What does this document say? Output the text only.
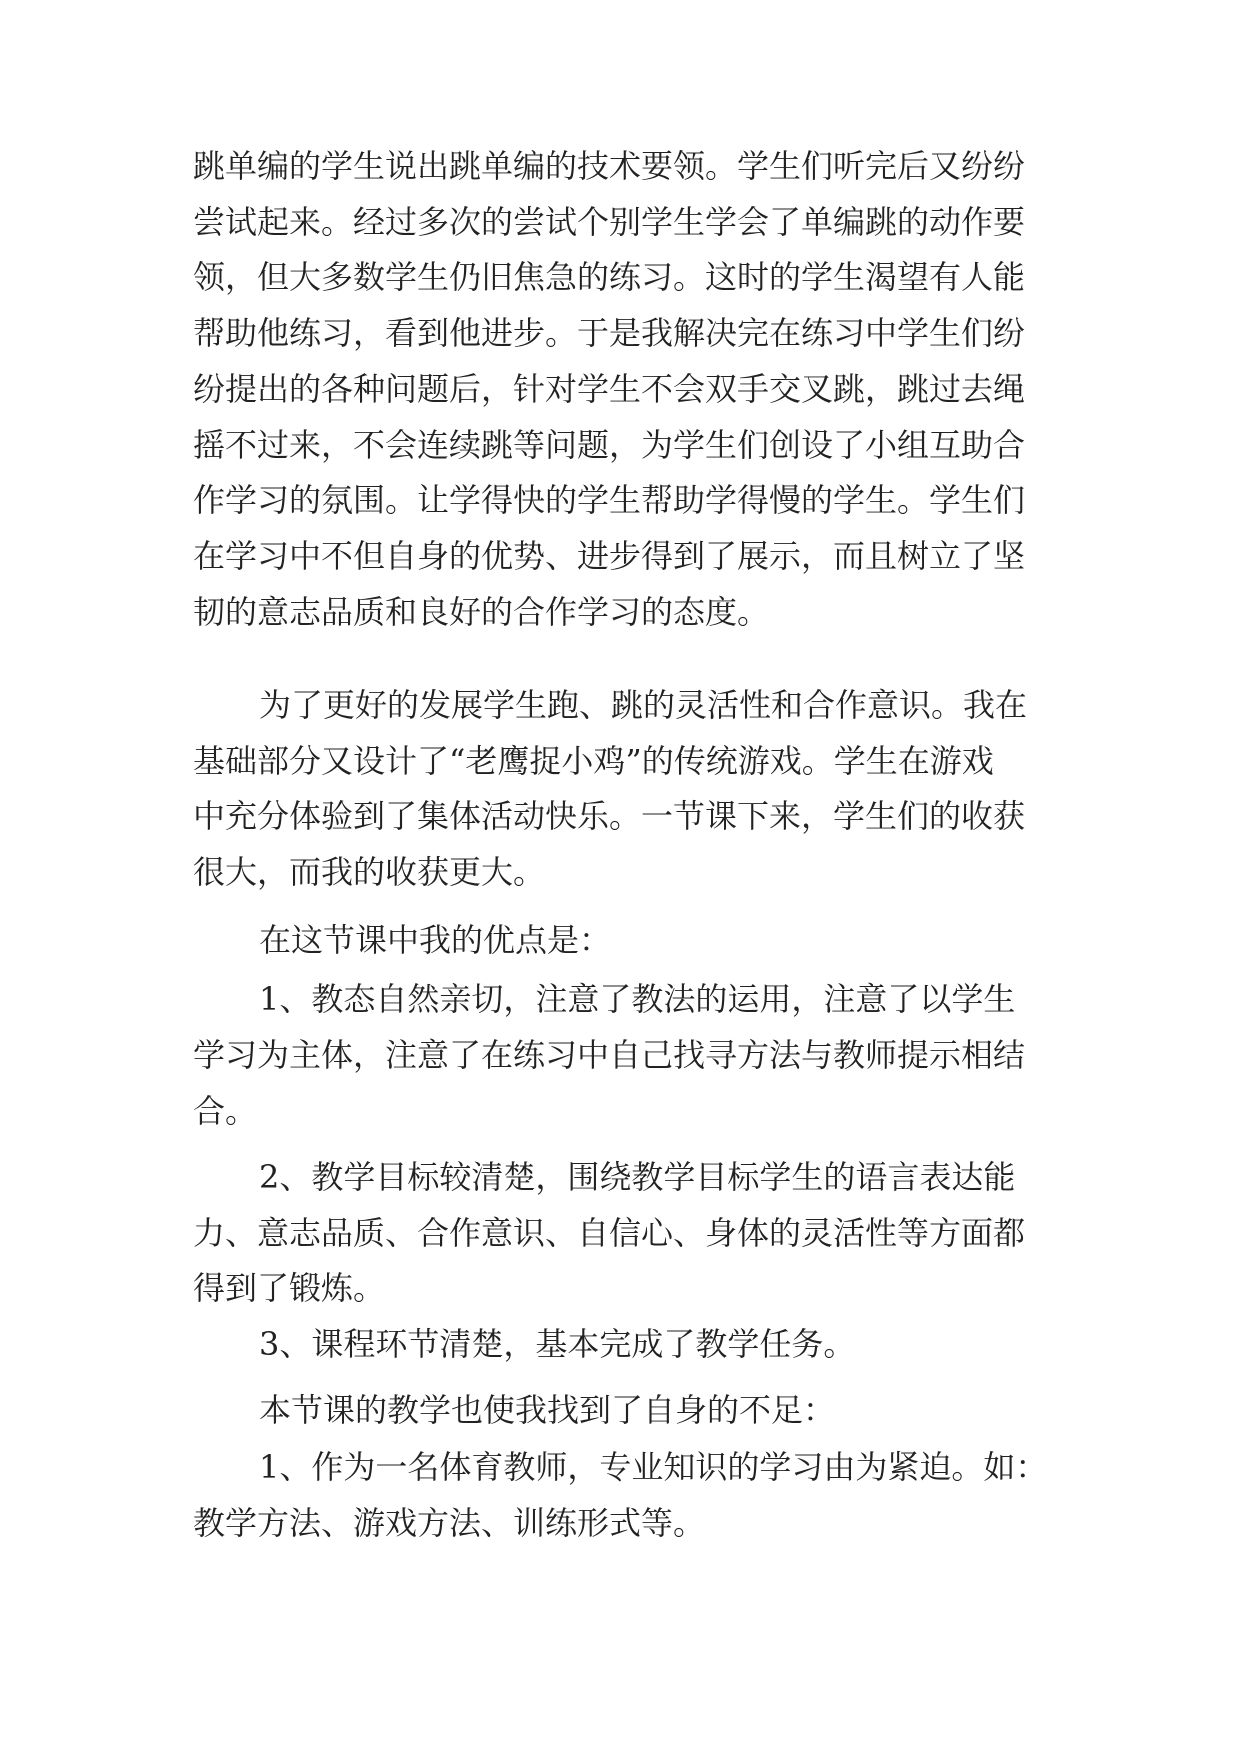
跳单编的学生说出跳单编的技术要领。学生们听完后又纷纷
尝试起来。经过多次的尝试个别学生学会了单编跳的动作要
领，但大多数学生仍旧焦急的练习。这时的学生渴望有人能
帮助他练习，看到他进步。于是我解决完在练习中学生们纷
纷提出的各种问题后，针对学生不会双手交叉跳，跳过去绳
摇不过来，不会连续跳等问题，为学生们创设了小组互助合
作学习的氛围。让学得快的学生帮助学得慢的学生。学生们
在学习中不但自身的优势、进步得到了展示，而且树立了坚
韧的意志品质和良好的合作学习的态度。
为了更好的发展学生跑、跳的灵活性和合作意识。我在
基础部分又设计了“老鹰捉小鸡”的传统游戏。学生在游戏
中充分体验到了集体活动快乐。一节课下来，学生们的收获
很大，而我的收获更大。
在这节课中我的优点是：
1、教态自然亲切，注意了教法的运用，注意了以学生
学习为主体，注意了在练习中自己找寻方法与教师提示相结
合。
2、教学目标较清楚，围绕教学目标学生的语言表达能
力、意志品质、合作意识、自信心、身体的灵活性等方面都
得到了锻炼。
3、课程环节清楚，基本完成了教学任务。
本节课的教学也使我找到了自身的不足：
1、作为一名体育教师，专业知识的学习由为紧迫。如：
教学方法、游戏方法、训练形式等。
